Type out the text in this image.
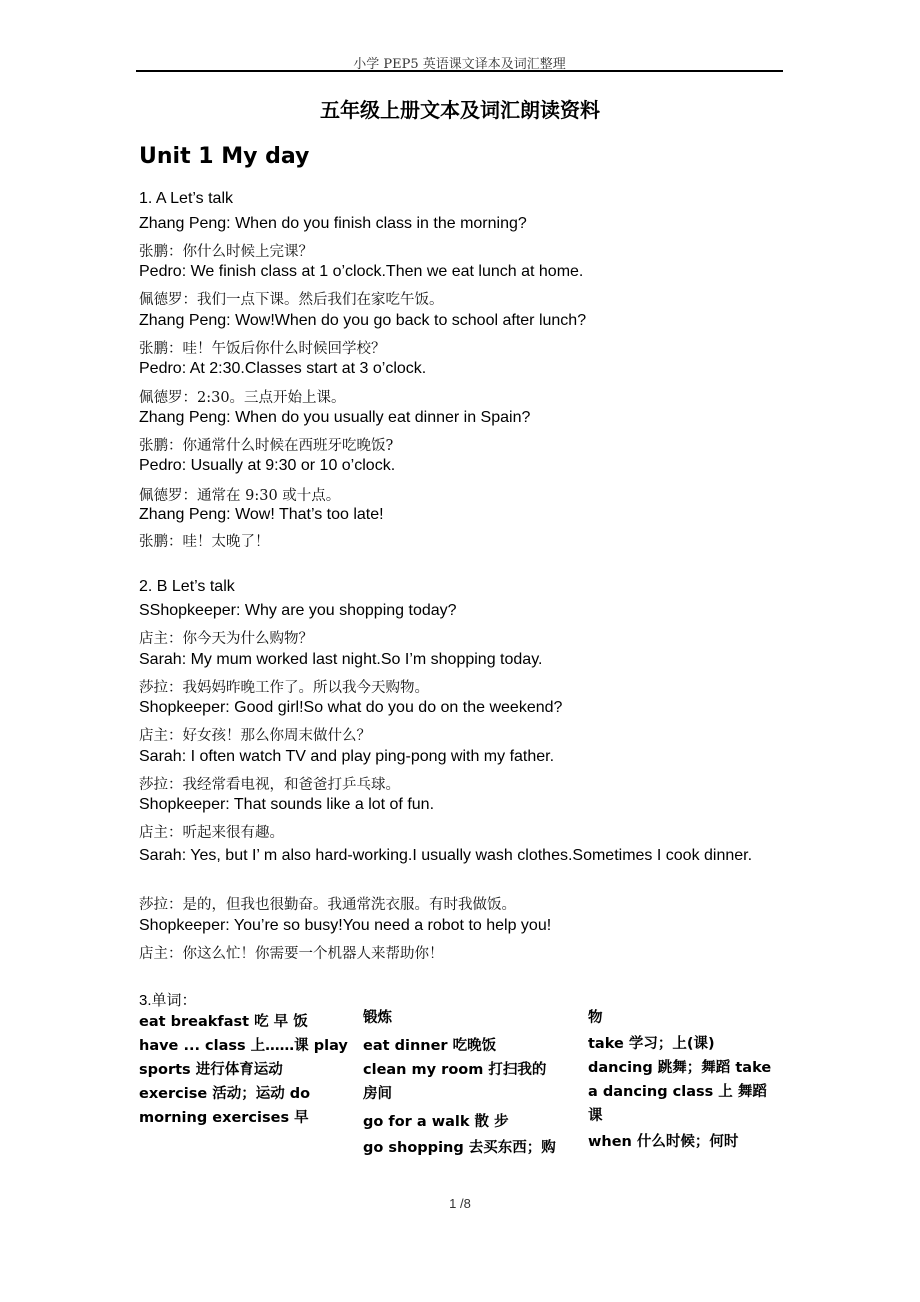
小学 PEP5 英语课文译本及词汇整理
五年级上册文本及词汇朗读资料
Unit 1 My day
1. A Let’s talk
Zhang Peng: When do you finish class in the morning?
张鹏：你什么时候上完课？
Pedro: We finish class at 1 o’clock.Then we eat lunch at home.
佩德罗：我们一点下课。然后我们在家吃午饭。
Zhang Peng: Wow!When do you go back to school after lunch?
张鹏：哇！午饭后你什么时候回学校？
Pedro: At 2:30.Classes start at 3 o’clock.
佩德罗：2:30。三点开始上课。
Zhang Peng: When do you usually eat dinner in Spain?
张鹏：你通常什么时候在西班牙吃晚饭?
Pedro: Usually at 9:30 or 10 o’clock.
佩德罗：通常在 9:30 或十点。
Zhang Peng: Wow! That’s too late!
张鹏：哇！太晚了！
2. B Let’s talk
SShopkeeper: Why are you shopping today?
店主：你今天为什么购物？
Sarah: My mum worked last night.So I’m shopping today.
莎拉：我妈妈昨晚工作了。所以我今天购物。
Shopkeeper: Good girl!So what do you do on the weekend?
店主：好女孩！那么你周末做什么？
Sarah: I often watch TV and play ping-pong with my father.
莎拉：我经常看电视，和爸爸打乒乓球。
Shopkeeper: That sounds like a lot of fun.
店主：听起来很有趣。
Sarah: Yes, but I’ m also hard-working.I usually wash clothes.Sometimes I cook dinner.
莎拉：是的，但我也很勤奋。我通常洗衣服。有时我做饭。
Shopkeeper: You’re so busy!You need a robot to help you!
店主：你这么忙！你需要一个机器人来帮助你！
3.单词：
eat breakfast 吃 早 饭
have ... class 上……课 play
sports 进行体育运动
exercise 活动；运动 do
morning exercises 早
锻炼
eat dinner 吃晚饭
clean my room 打扫我的
房间
go for a walk 散 步
go shopping 去买东西；购
物
take 学习；上(课)
dancing 跳舞；舞蹈 take
a dancing class 上 舞蹈
课
when 什么时候；何时
1 /8
